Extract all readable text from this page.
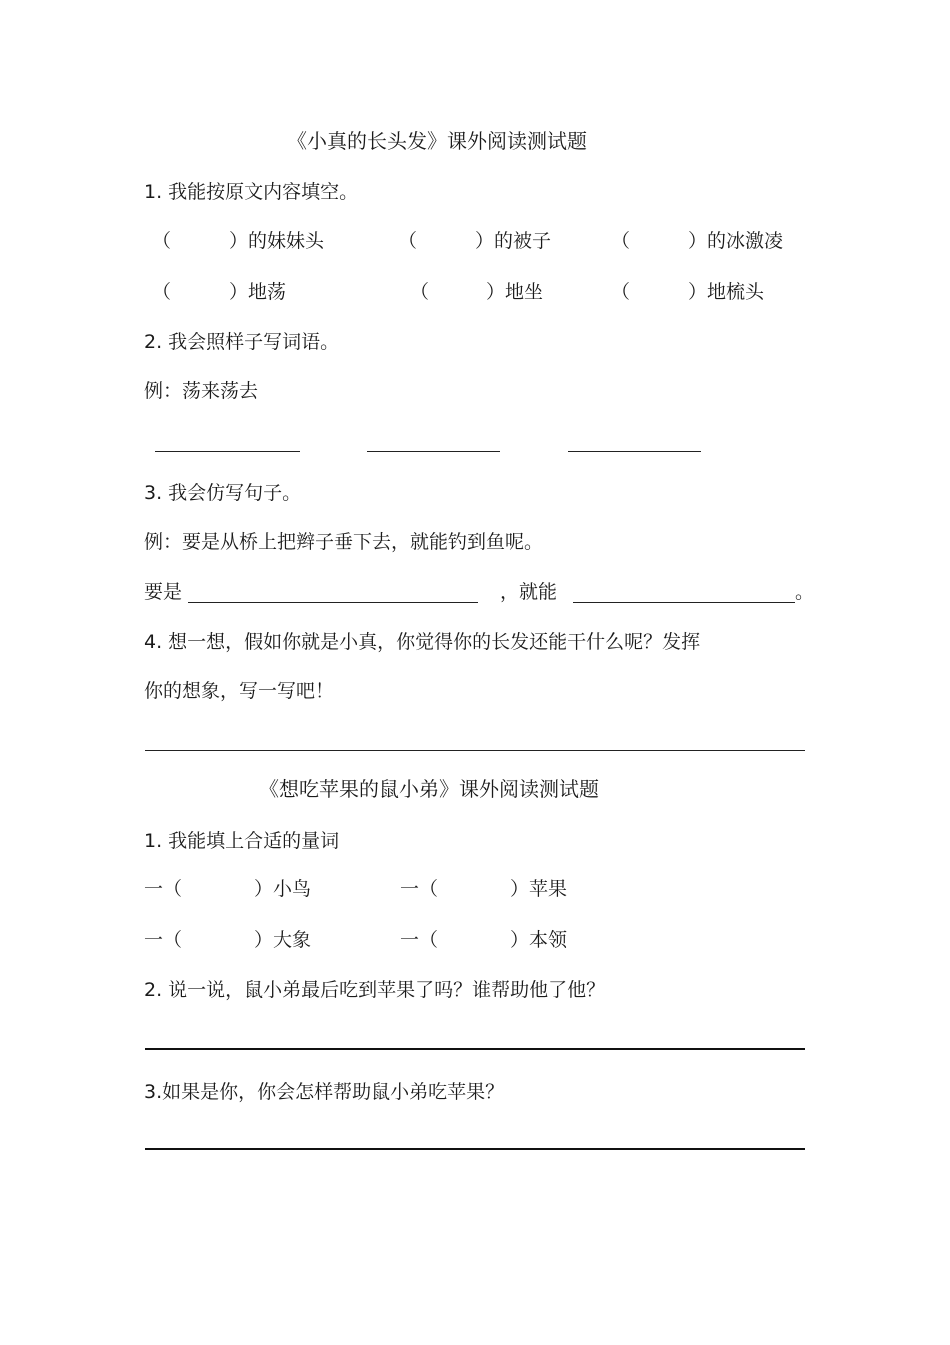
《小真的长头发》课外阅读测试题
1. 我能按原文内容填空。
（	）的妹妹头	（	）的被子	（	）的冰激凌
（	）地荡	（	）地坐	（	）地梳头
2. 我会照样子写词语。
例：荡来荡去
3. 我会仿写句子。
例：要是从桥上把辫子垂下去，就能钓到鱼呢。
要是	，就能	。
4. 想一想，假如你就是小真，你觉得你的长发还能干什么呢？发挥
你的想象，写一写吧！
《想吃苹果的鼠小弟》课外阅读测试题
1. 我能填上合适的量词
一（	）小鸟	一（	）苹果
一（	）大象	一（	）本领
2. 说一说，鼠小弟最后吃到苹果了吗？谁帮助他了他？
3.如果是你，你会怎样帮助鼠小弟吃苹果？
